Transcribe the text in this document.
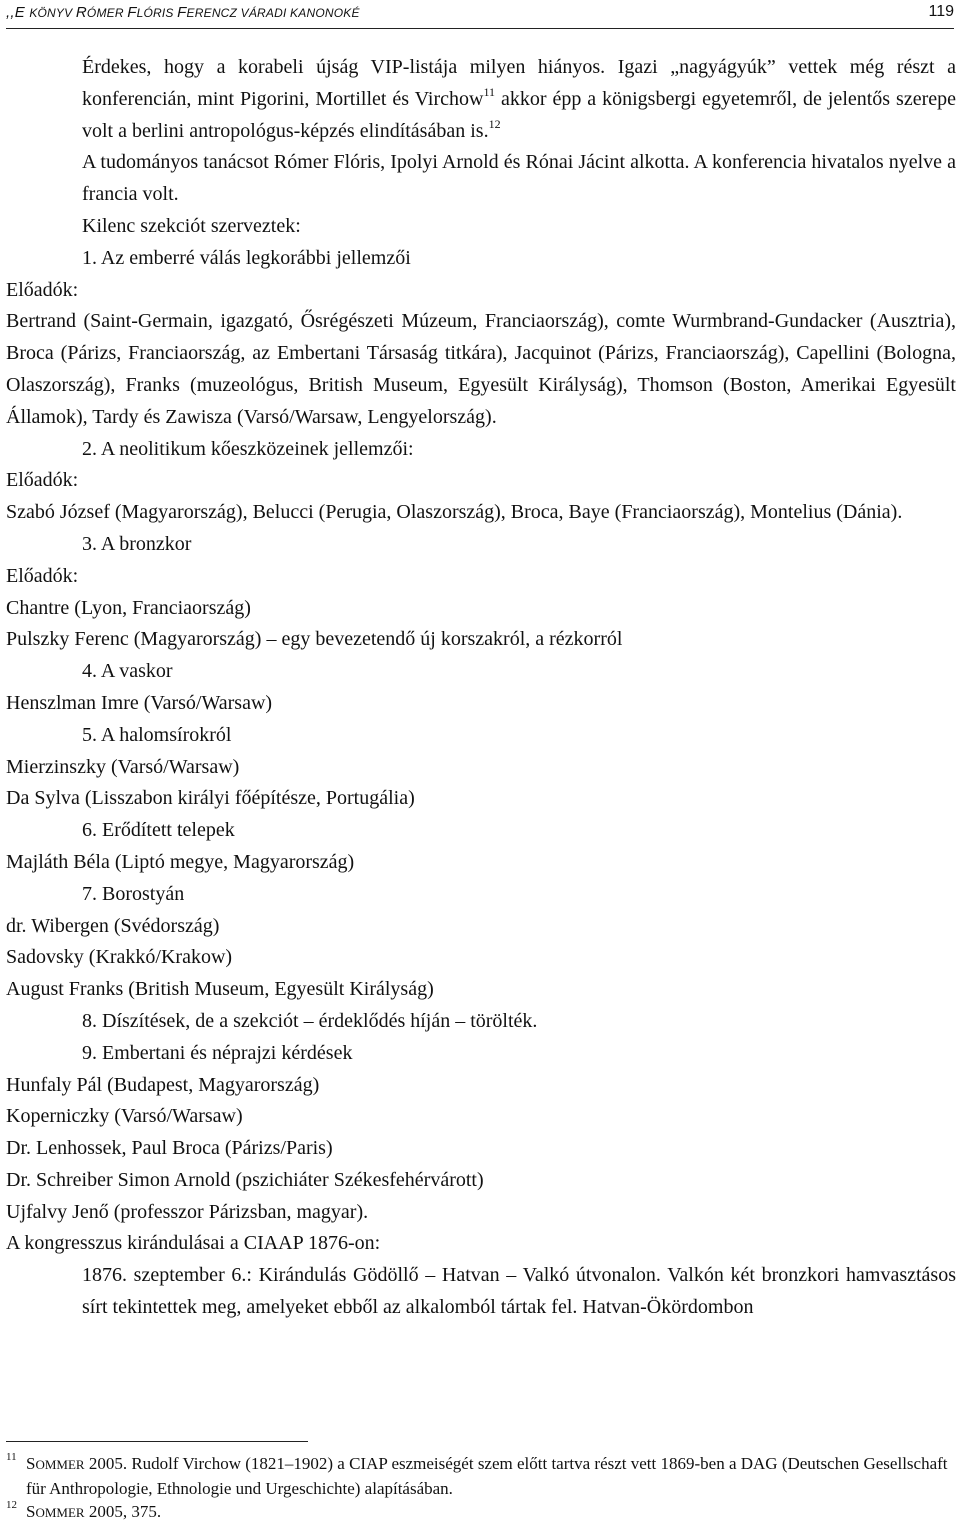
,,E KÖNYV RÓMER FLÓRIS FERENCZ VÁRADI KANONOKÉ	119

Érdekes, hogy a korabeli újság VIP-listája milyen hiányos. Igazi „nagyágyúk” vettek még részt a konferencián, mint Pigorini, Mortillet és Virchow$^{11}$ akkor épp a königsbergi egyetemről, de jelentős szerepe volt a berlini antropológus-képzés elindításában is.$^{12}$

A tudományos tanácsot Rómer Flóris, Ipolyi Arnold és Rónai Jácint alkotta. A konferencia hivatalos nyelve a francia volt.

Kilenc szekciót szerveztek:

1. Az emberré válás legkorábbi jellemzői

Előadók:

Bertrand (Saint-Germain, igazgató, Ősrégészeti Múzeum, Franciaország), comte Wurmbrand-Gundacker (Ausztria), Broca (Párizs, Franciaország, az Embertani Társaság titkára), Jacquinot (Párizs, Franciaország), Capellini (Bologna, Olaszország), Franks (muzeológus, British Museum, Egyesült Királyság), Thomson (Boston, Amerikai Egyesült Államok), Tardy és Zawisza (Varsó/Warsaw, Lengyelország).

2. A neolitikum kőeszközeinek jellemzői:

Előadók:

Szabó József (Magyarország), Belucci (Perugia, Olaszország), Broca, Baye (Franciaország), Montelius (Dánia).

3. A bronzkor

Előadók:

Chantre (Lyon, Franciaország)

Pulszky Ferenc (Magyarország) – egy bevezetendő új korszakról, a rézkorról

4. A vaskor

Henszlman Imre (Varsó/Warsaw)

5. A halomsírokról

Mierzinszky (Varsó/Warsaw)

Da Sylva (Lisszabon királyi főépítésze, Portugália)

6. Erődített telepek

Majláth Béla (Liptó megye, Magyarország)

7. Borostyán

dr. Wibergen (Svédország)

Sadovsky (Krakkó/Krakow)

August Franks (British Museum, Egyesült Királyság)

8. Díszítések, de a szekciót – érdeklődés híján – törölték.

9. Embertani és néprajzi kérdések

Hunfaly Pál (Budapest, Magyarország)

Koperniczky (Varsó/Warsaw)

Dr. Lenhossek, Paul Broca (Párizs/Paris)

Dr. Schreiber Simon Arnold (pszichiáter Székesfehérvárott)

Ujfalvy Jenő (professzor Párizsban, magyar).

A kongresszus kirándulásai a CIAAP 1876-on:

1876. szeptember 6.: Kirándulás Gödöllő – Hatvan – Valkó útvonalon. Valkón két bronzkori hamvasztásos sírt tekintettek meg, amelyeket ebből az alkalomból tártak fel. Hatvan-Ökördombon

11 SOMMER 2005. Rudolf Virchow (1821–1902) a CIAP eszmeiségét szem előtt tartva részt vett 1869-ben a DAG (Deutschen Gesellschaft für Anthropologie, Ethnologie und Urgeschichte) alapításában.
12 SOMMER 2005, 375.
